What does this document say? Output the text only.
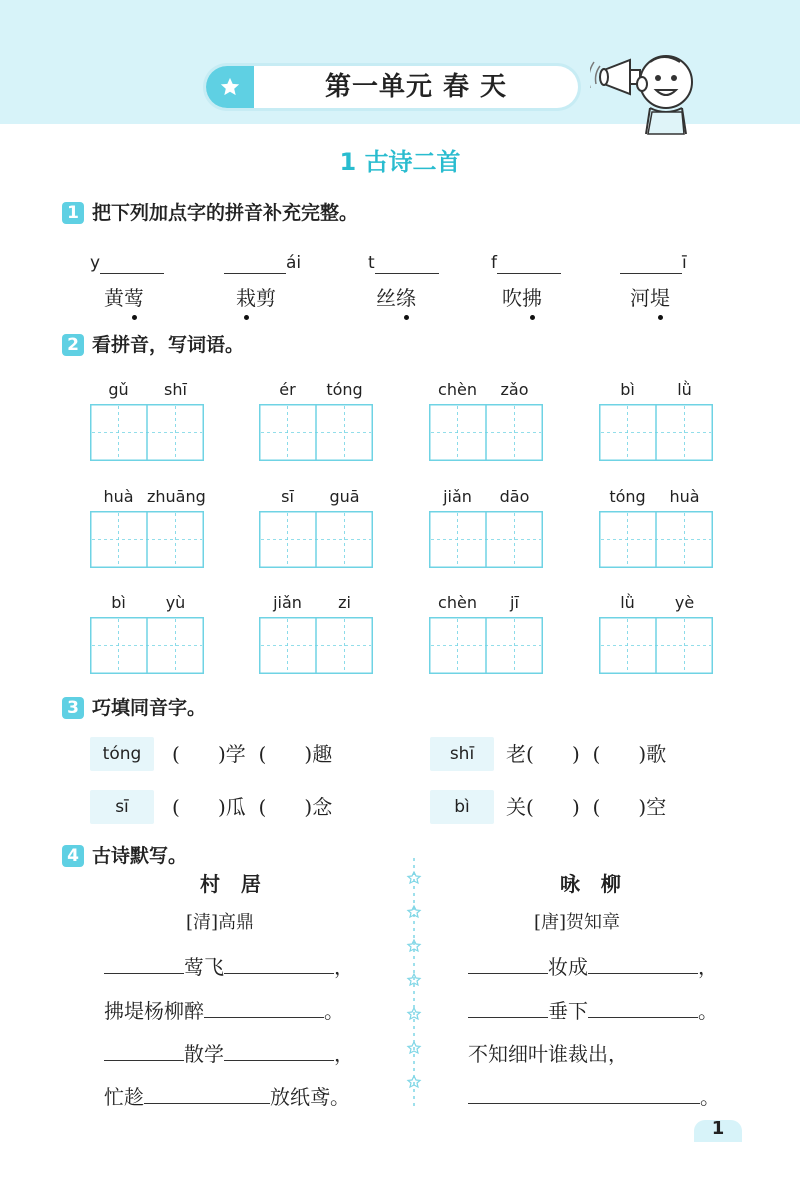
第一单元 春 天
1 古诗二首
1 把下列加点字的拼音补充完整。
y	ái	t	f	ī
黄莺	栽剪	丝绦	吹拂	河堤
2 看拼音，写词语。
gǔ	shī	ér	tóng	chèn	zǎo	bì	lǜ
huà zhuāng	sī	guā	jiǎn	dāo	tóng	huà
bì	yù	jiǎn	zi	chèn	jī	lǜ	yè
3 巧填同音字。
tóng	(      )学  (      )趣	shī	老(      )  (      )歌
sī	(      )瓜  (      )念	bì	关(      )  (      )空
4 古诗默写。
村   居
[清]高鼎
莺飞	，
拂堤杨柳醉	。
散学	，
忙趁	放纸鸢。
咏   柳
[唐]贺知章
妆成	，
垂下	。
不知细叶谁裁出，
。
1
